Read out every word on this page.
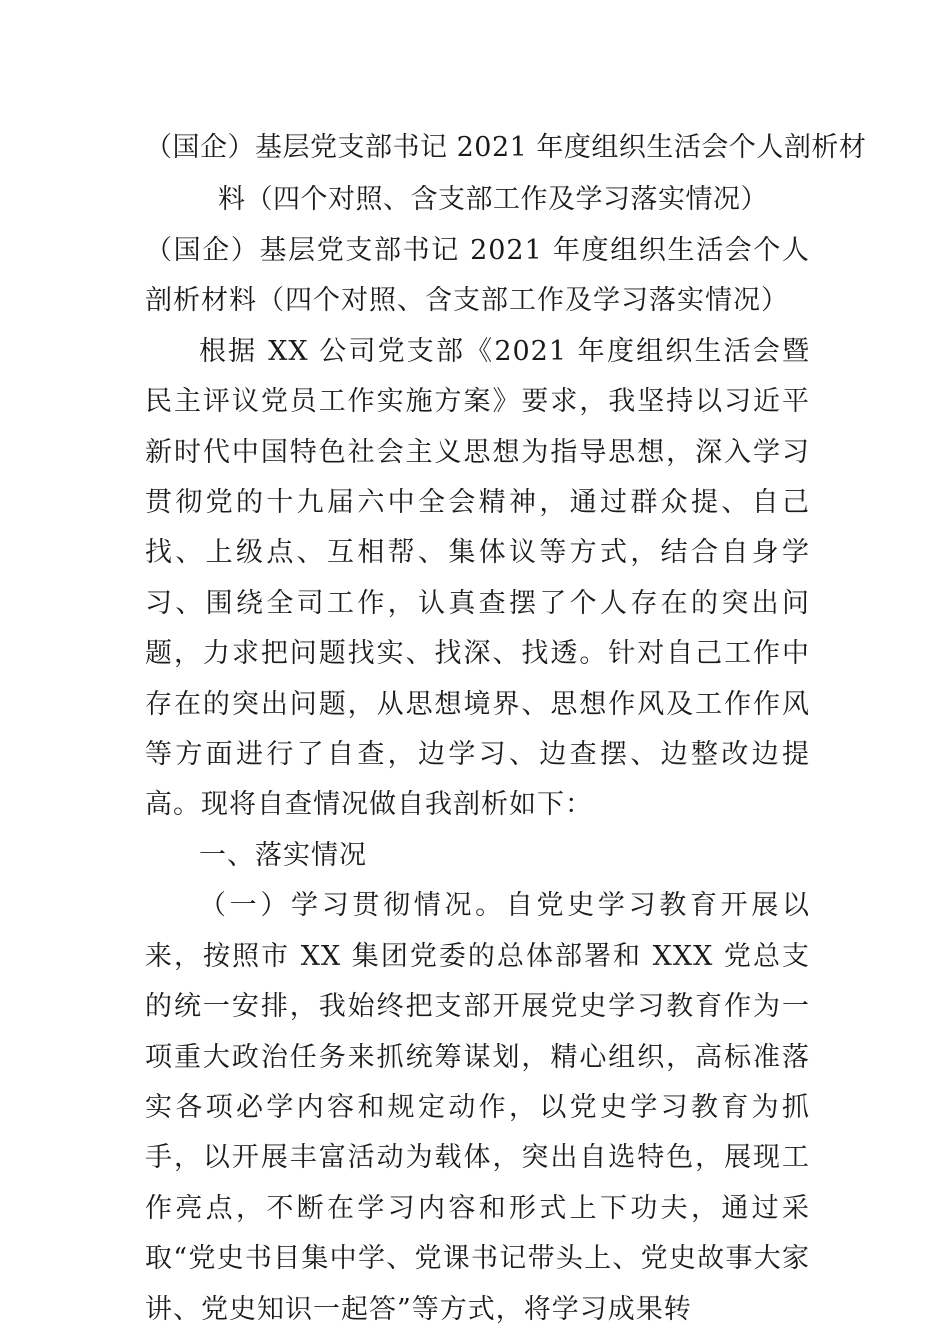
（国企）基层党支部书记 2021 年度组织生活会个人剖析材
料（四个对照、含支部工作及学习落实情况）

（国企）基层党支部书记 2021 年度组织生活会个人剖析材料（四个对照、含支部工作及学习落实情况）

根据 XX 公司党支部《2021 年度组织生活会暨民主评议党员工作实施方案》要求，我坚持以习近平新时代中国特色社会主义思想为指导思想，深入学习贯彻党的十九届六中全会精神，通过群众提、自己找、上级点、互相帮、集体议等方式，结合自身学习、围绕全司工作，认真查摆了个人存在的突出问题，力求把问题找实、找深、找透。针对自己工作中存在的突出问题，从思想境界、思想作风及工作作风等方面进行了自查，边学习、边查摆、边整改边提高。现将自查情况做自我剖析如下：

一、落实情况

（一）学习贯彻情况。自党史学习教育开展以来，按照市 XX 集团党委的总体部署和 XXX 党总支的统一安排，我始终把支部开展党史学习教育作为一项重大政治任务来抓统筹谋划，精心组织，高标准落实各项必学内容和规定动作，以党史学习教育为抓手，以开展丰富活动为载体，突出自选特色，展现工作亮点，不断在学习内容和形式上下功夫，通过采取“党史书目集中学、党课书记带头上、党史故事大家讲、党史知识一起答”等方式，将学习成果转
